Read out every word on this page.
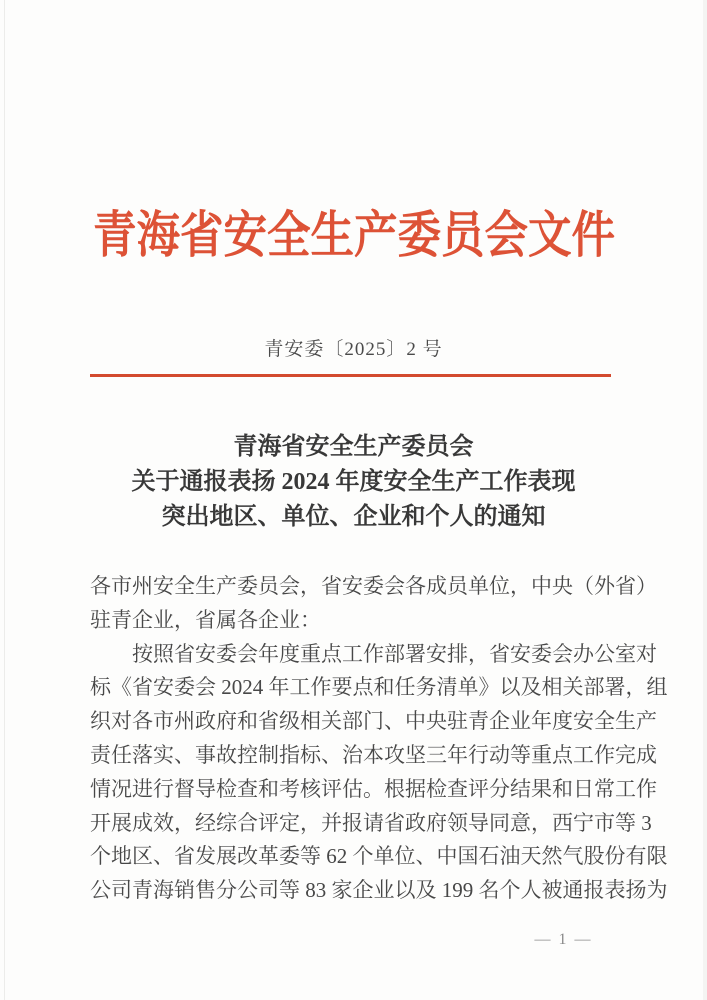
青海省安全生产委员会文件
青安委〔2025〕2 号
青海省安全生产委员会
关于通报表扬 2024 年度安全生产工作表现
突出地区、单位、企业和个人的通知
各市州安全生产委员会，省安委会各成员单位，中央（外省）
驻青企业，省属各企业：
　　按照省安委会年度重点工作部署安排，省安委会办公室对
标《省安委会 2024 年工作要点和任务清单》以及相关部署，组
织对各市州政府和省级相关部门、中央驻青企业年度安全生产
责任落实、事故控制指标、治本攻坚三年行动等重点工作完成
情况进行督导检查和考核评估。根据检查评分结果和日常工作
开展成效，经综合评定，并报请省政府领导同意，西宁市等 3
个地区、省发展改革委等 62 个单位、中国石油天然气股份有限
公司青海销售分公司等 83 家企业以及 199 名个人被通报表扬为
— 1 —
